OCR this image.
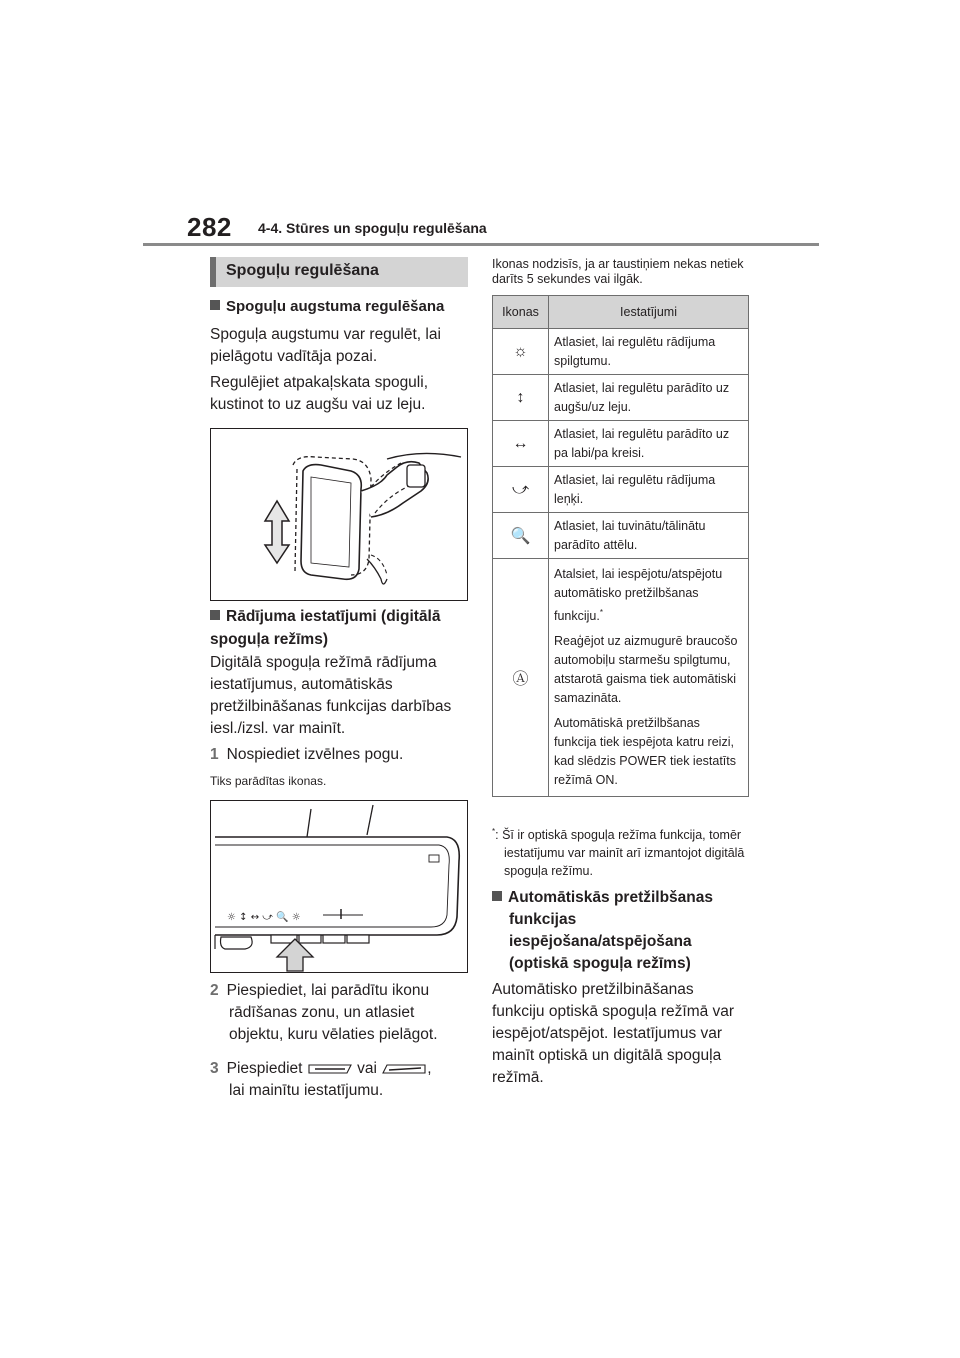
282 4-4. Stūres un spoguļu regulēšana
Spoguļu regulēšana
Spoguļu augstuma regulēšana
Spoguļa augstumu var regulēt, lai pielāgotu vadītāja pozai.
Regulējiet atpakaļskata spoguli, kustinot to uz augšu vai uz leju.
Rādījuma iestatījumi (digitālā spoguļa režīms)
Digitālā spoguļa režīmā rādījuma iestatījumus, automātiskās pretžilbināšanas funkcijas darbības iesl./izsl. var mainīt.
1 Nospiediet izvēlnes pogu.
Tiks parādītas ikonas.
☼ ↕ ↔ ⤻ 🔍 ☼
2 Piespiediet, lai parādītu ikonu rādīšanas zonu, un atlasiet objektu, kuru vēlaties pielāgot.
3 Piespiediet	vai	,
lai mainītu iestatījumu.
Ikonas nodzisīs, ja ar taustiņiem nekas netiek darīts 5 sekundes vai ilgāk.
Ikonas	Iestatījumi
☼	Atlasiet, lai regulētu rādījuma spilgtumu.
↕	Atlasiet, lai regulētu parādīto uz augšu/uz leju.
↔	Atlasiet, lai regulētu parādīto uz pa labi/pa kreisi.
⤻	Atlasiet, lai regulētu rādījuma leņķi.
🔍	Atlasiet, lai tuvinātu/tālinātu parādīto attēlu.
Ⓐ	Atalsiet, lai iespējotu/atspējotu automātisko pretžilbšanas funkciju.*

Reaģējot uz aizmugurē braucošo automobiļu starmešu spilgtumu, atstarotā gaisma tiek automātiski samazināta.

Automātiskā pretžilbšanas funkcija tiek iespējota katru reizi, kad slēdzis POWER tiek iestatīts režīmā ON.

*: Šī ir optiskā spoguļa režīma funkcija, tomēr iestatījumu var mainīt arī izmantojot digitālā spoguļa režīmu.
Automātiskās pretžilbšanas funkcijas iespējošana/atspējošana (optiskā spoguļa režīms)
Automātisko pretžilbināšanas funkciju optiskā spoguļa režīmā var iespējot/atspējot. Iestatījumus var mainīt optiskā un digitālā spoguļa režīmā.
